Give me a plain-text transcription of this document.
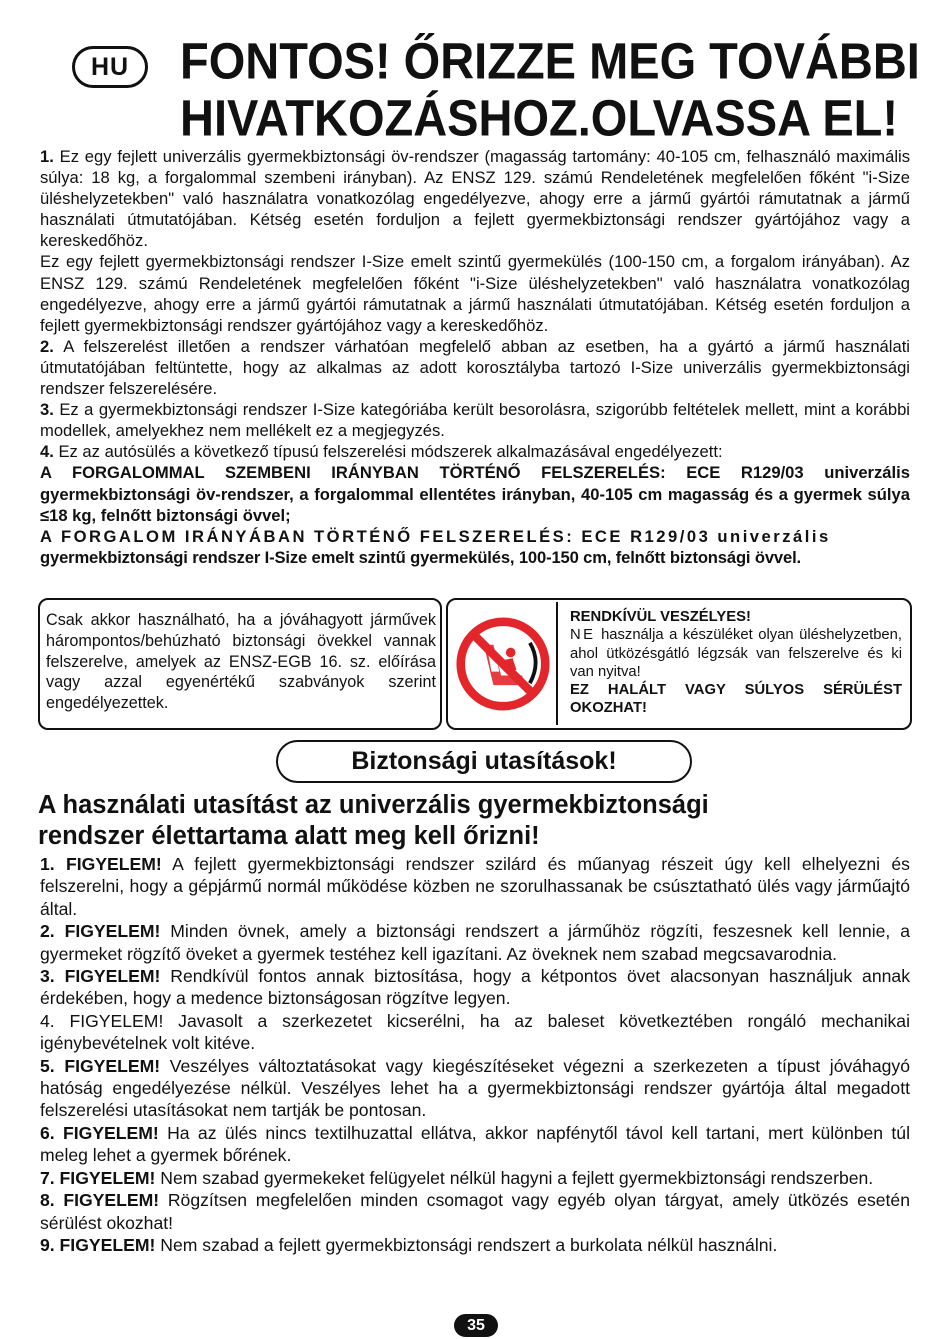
HU	FONTOS! ŐRIZZE MEG TOVÁBBI
HIVATKOZÁSHOZ.OLVASSA EL!

1. Ez egy fejlett univerzális gyermekbiztonsági öv-rendszer (magasság tartomány: 40-105 cm, felhasználó maximális súlya: 18 kg, a forgalommal szembeni irányban). Az ENSZ 129. számú Rendeletének megfelelően főként "i-Size üléshelyzetekben" való használatra vonatkozólag engedélyezve, ahogy erre a jármű gyártói rámutatnak a jármű használati útmutatójában. Kétség esetén forduljon a fejlett gyermekbiztonsági rendszer gyártójához vagy a kereskedőhöz.

Ez egy fejlett gyermekbiztonsági rendszer I-Size emelt szintű gyermekülés (100-150 cm, a forgalom irányában). Az ENSZ 129. számú Rendeletének megfelelően főként "i-Size üléshelyzetekben" való használatra vonatkozólag engedélyezve, ahogy erre a jármű gyártói rámutatnak a jármű használati útmutatójában. Kétség esetén forduljon a fejlett gyermekbiztonsági rendszer gyártójához vagy a kereskedőhöz.

2. A felszerelést illetően a rendszer várhatóan megfelelő abban az esetben, ha a gyártó a jármű használati útmutatójában feltüntette, hogy az alkalmas az adott korosztályba tartozó I-Size univerzális gyermekbiztonsági rendszer felszerelésére.

3. Ez a gyermekbiztonsági rendszer I-Size kategóriába került besorolásra, szigorúbb feltételek mellett, mint a korábbi modellek, amelyekhez nem mellékelt ez a megjegyzés.

4. Ez az autósülés a következő típusú felszerelési módszerek alkalmazásával engedélyezett:

A FORGALOMMAL SZEMBENI IRÁNYBAN TÖRTÉNŐ FELSZERELÉS: ECE R129/03 univerzális gyermekbiztonsági öv-rendszer, a forgalommal ellentétes irányban, 40-105 cm magasság és a gyermek súlya ≤18 kg, felnőtt biztonsági övvel;

A FORGALOM IRÁNYÁBAN TÖRTÉNŐ FELSZERELÉS: ECE R129/03 univerzális

gyermekbiztonsági rendszer I-Size emelt szintű gyermekülés, 100-150 cm, felnőtt biztonsági övvel.

Csak akkor használható, ha a jóváhagyott járművek hárompontos/behúzható biztonsági övekkel vannak felszerelve, amelyek az ENSZ-EGB 16. sz. előírása vagy azzal egyenértékű szabványok szerint engedélyezettek.
RENDKÍVÜL VESZÉLYES!
NE használja a készüléket olyan üléshelyzetben, ahol ütközésgátló légzsák van felszerelve és ki van nyitva!
EZ HALÁLT VAGY SÚLYOS SÉRÜLÉST OKOZHAT!
Biztonsági utasítások!
A használati utasítást az univerzális gyermekbiztonsági
rendszer élettartama alatt meg kell őrizni!

1. FIGYELEM! A fejlett gyermekbiztonsági rendszer szilárd és műanyag részeit úgy kell elhelyezni és felszerelni, hogy a gépjármű normál működése közben ne szorulhassanak be csúsztatható ülés vagy járműajtó által.

2. FIGYELEM! Minden övnek, amely a biztonsági rendszert a járműhöz rögzíti, feszesnek kell lennie, a gyermeket rögzítő öveket a gyermek testéhez kell igazítani. Az öveknek nem szabad megcsavarodnia.

3. FIGYELEM! Rendkívül fontos annak biztosítása, hogy a kétpontos övet alacsonyan használjuk annak érdekében, hogy a medence biztonságosan rögzítve legyen.

4. FIGYELEM! Javasolt a szerkezetet kicserélni, ha az baleset következtében rongáló mechanikai igénybevételnek volt kitéve.

5. FIGYELEM! Veszélyes változtatásokat vagy kiegészítéseket végezni a szerkezeten a típust jóváhagyó hatóság engedélyezése nélkül. Veszélyes lehet ha a gyermekbiztonsági rendszer gyártója által megadott felszerelési utasításokat nem tartják be pontosan.

6. FIGYELEM! Ha az ülés nincs textilhuzattal ellátva, akkor napfénytől távol kell tartani, mert különben túl meleg lehet a gyermek bőrének.

7. FIGYELEM! Nem szabad gyermekeket felügyelet nélkül hagyni a fejlett gyermekbiztonsági rendszerben.

8. FIGYELEM! Rögzítsen megfelelően minden csomagot vagy egyéb olyan tárgyat, amely ütközés esetén sérülést okozhat!

9. FIGYELEM! Nem szabad a fejlett gyermekbiztonsági rendszert a burkolata nélkül használni.

35
